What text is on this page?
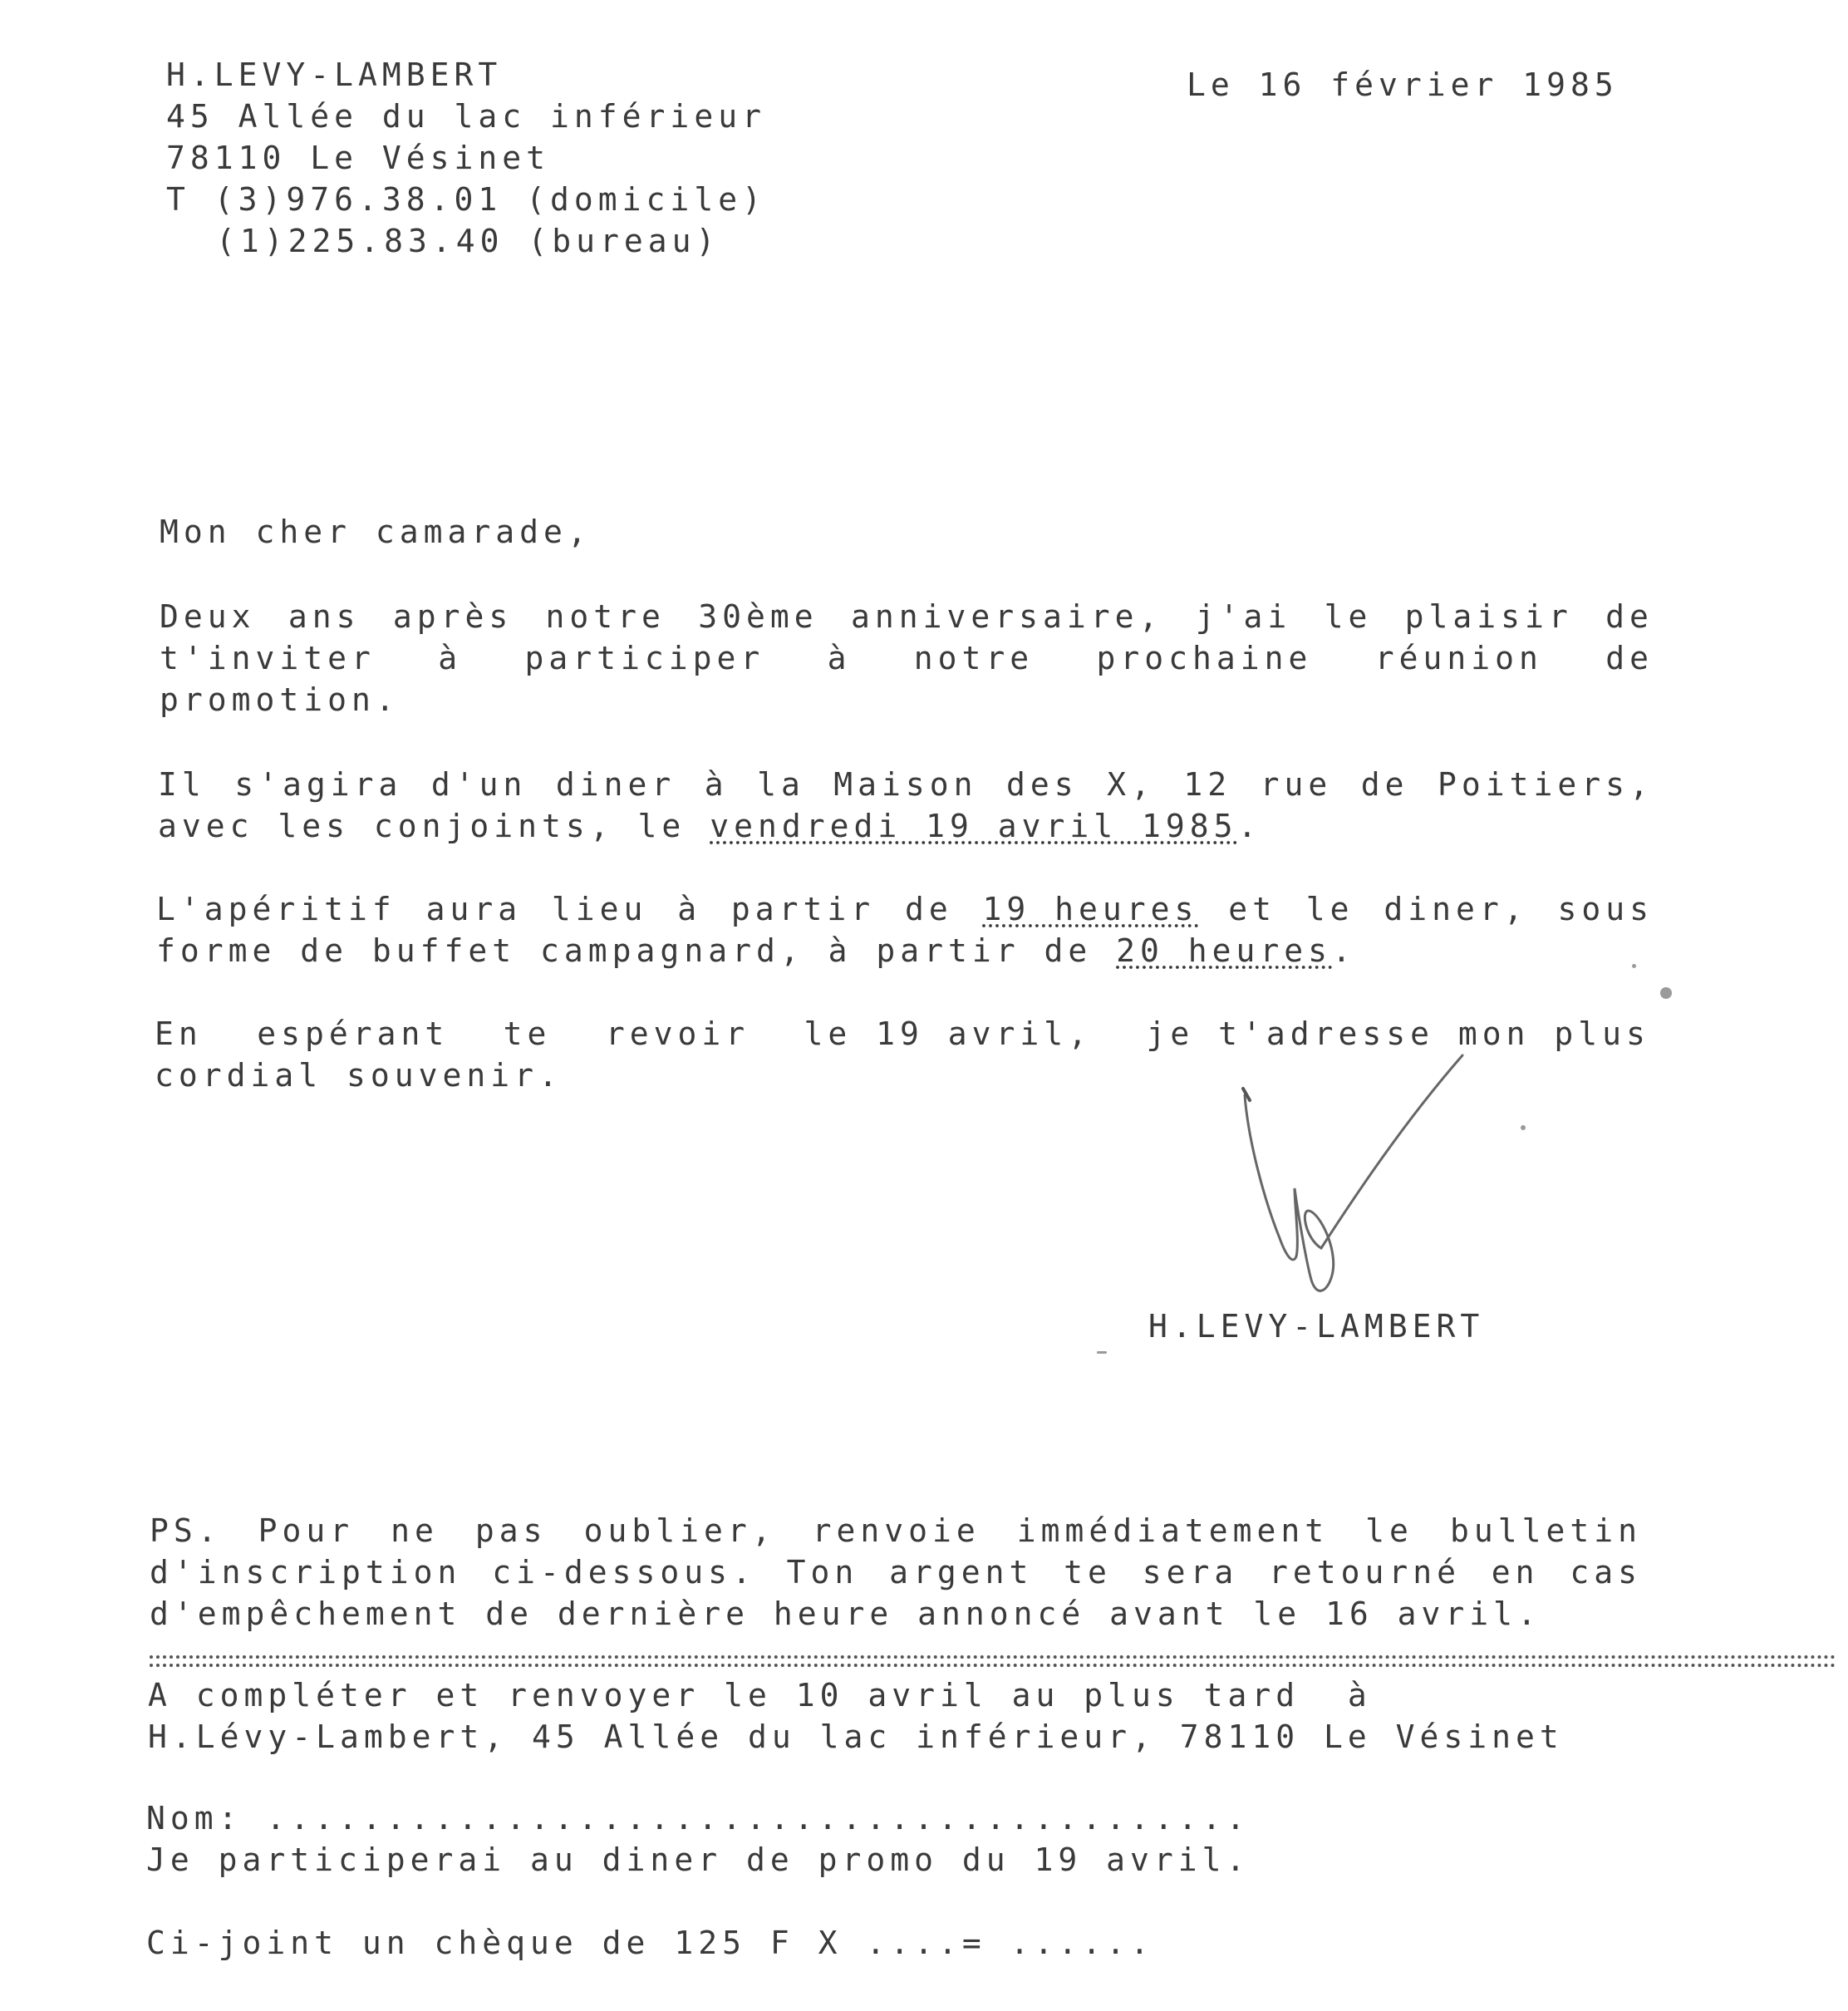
H.LEVY-LAMBERT
45 Allée du lac inférieur
78110 Le Vésinet
T (3)976.38.01 (domicile)
(1)225.83.40 (bureau)
Le 16 février 1985
Mon cher camarade,
Deux ans après notre 30ème anniversaire, j'ai le plaisir de
t'inviter à participer à notre prochaine réunion de
promotion.
Il s'agira d'un diner à la Maison des X, 12 rue de Poitiers,
avec les conjoints, le vendredi 19 avril 1985.
L'apéritif aura lieu à partir de 19 heures et le diner, sous
forme de buffet campagnard, à partir de 20 heures.
En espérant te revoir le 19 avril, je t'adresse mon plus
cordial souvenir.
H.LEVY-LAMBERT
PS. Pour ne pas oublier, renvoie immédiatement le bulletin
d'inscription ci-dessous. Ton argent te sera retourné en cas
d'empêchement de dernière heure annoncé avant le 16 avril.
A compléter et renvoyer le 10 avril au plus tard  à
H.Lévy-Lambert, 45 Allée du lac inférieur, 78110 Le Vésinet
Nom: .........................................
Je participerai au diner de promo du 19 avril.
Ci-joint un chèque de 125 F X ....= ......
